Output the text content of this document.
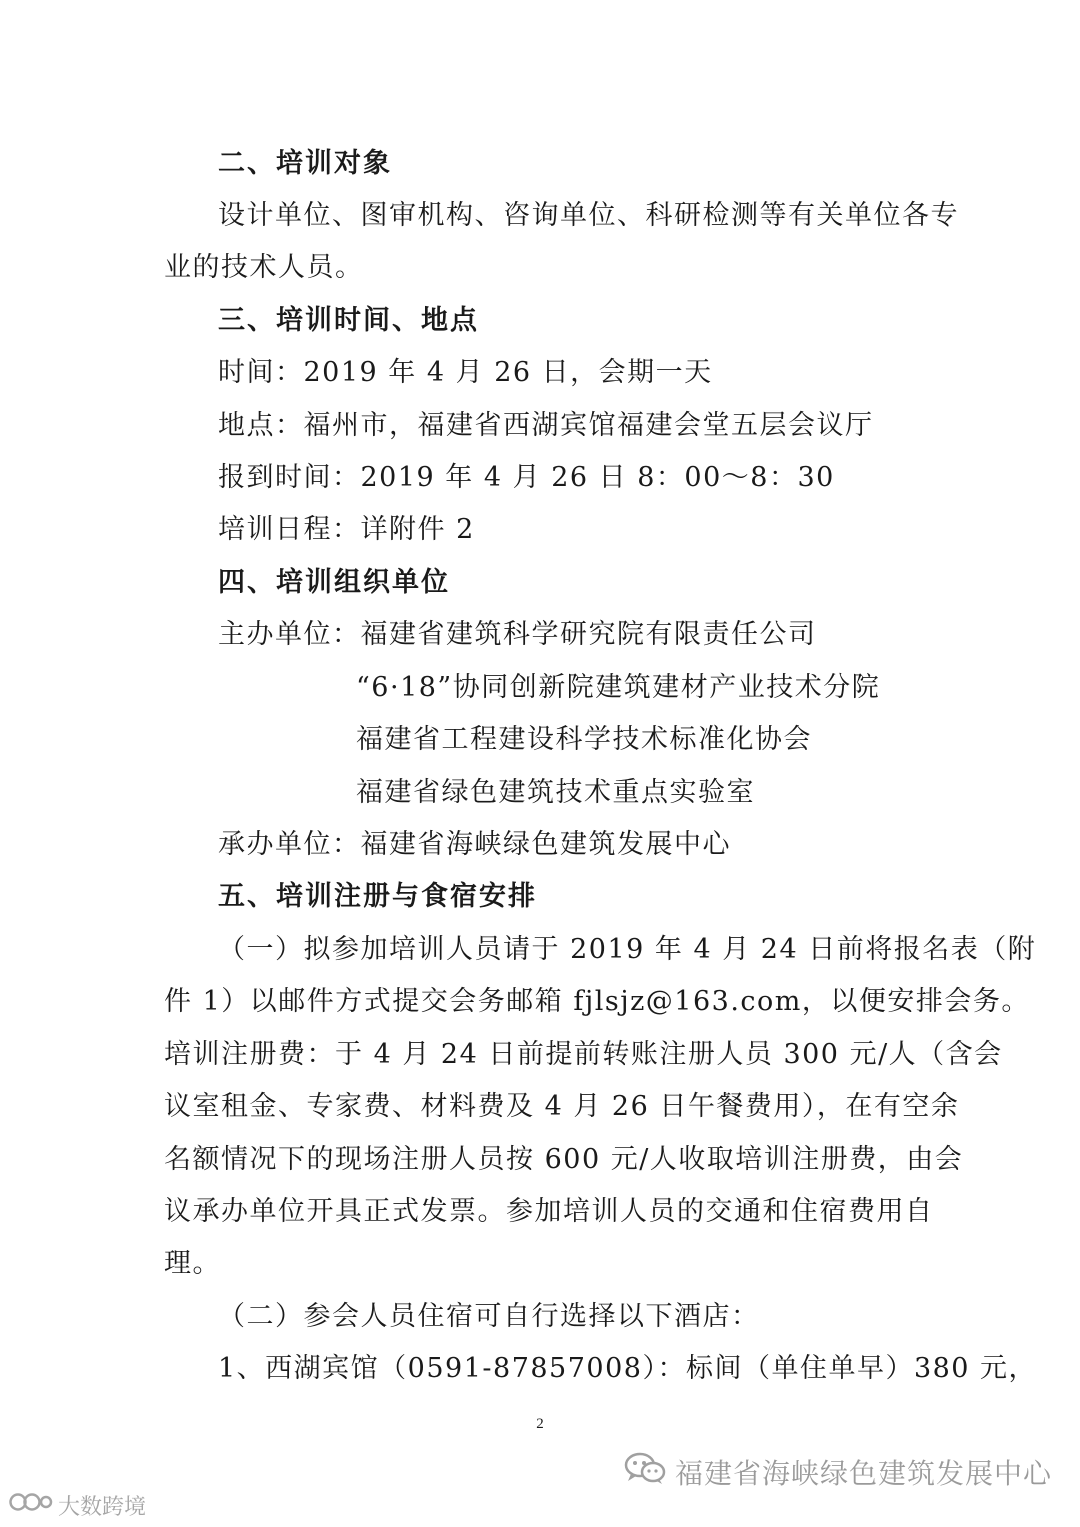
二、培训对象
设计单位、图审机构、咨询单位、科研检测等有关单位各专
业的技术人员。
三、培训时间、地点
时间：2019 年 4 月 26 日，会期一天
地点：福州市，福建省西湖宾馆福建会堂五层会议厅
报到时间：2019 年 4 月 26 日 8：00～8：30
培训日程：详附件 2
四、培训组织单位
主办单位：福建省建筑科学研究院有限责任公司
“6·18”协同创新院建筑建材产业技术分院
福建省工程建设科学技术标准化协会
福建省绿色建筑技术重点实验室
承办单位：福建省海峡绿色建筑发展中心
五、培训注册与食宿安排
（一）拟参加培训人员请于 2019 年 4 月 24 日前将报名表（附
件 1）以邮件方式提交会务邮箱 fjlsjz@163.com，以便安排会务。
培训注册费：于 4 月 24 日前提前转账注册人员 300 元/人（含会
议室租金、专家费、材料费及 4 月 26 日午餐费用），在有空余
名额情况下的现场注册人员按 600 元/人收取培训注册费，由会
议承办单位开具正式发票。参加培训人员的交通和住宿费用自
理。
（二）参会人员住宿可自行选择以下酒店：
1、西湖宾馆（0591-87857008）：标间（单住单早）380 元，
2
福建省海峡绿色建筑发展中心
大数跨境
